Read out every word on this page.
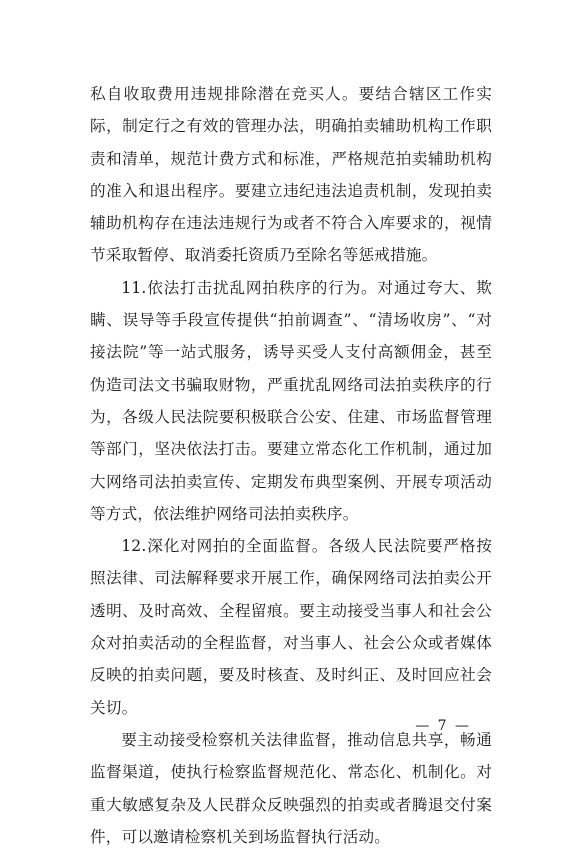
私自收取费用违规排除潜在竞买人。要结合辖区工作实际，制定行之有效的管理办法，明确拍卖辅助机构工作职责和清单，规范计费方式和标准，严格规范拍卖辅助机构的准入和退出程序。要建立违纪违法追责机制，发现拍卖辅助机构存在违法违规行为或者不符合入库要求的，视情节采取暂停、取消委托资质乃至除名等惩戒措施。

11.依法打击扰乱网拍秩序的行为。对通过夸大、欺瞒、误导等手段宣传提供“拍前调查”、“清场收房”、“对接法院”等一站式服务，诱导买受人支付高额佣金，甚至伪造司法文书骗取财物，严重扰乱网络司法拍卖秩序的行为，各级人民法院要积极联合公安、住建、市场监督管理等部门，坚决依法打击。要建立常态化工作机制，通过加大网络司法拍卖宣传、定期发布典型案例、开展专项活动等方式，依法维护网络司法拍卖秩序。

12.深化对网拍的全面监督。各级人民法院要严格按照法律、司法解释要求开展工作，确保网络司法拍卖公开透明、及时高效、全程留痕。要主动接受当事人和社会公众对拍卖活动的全程监督，对当事人、社会公众或者媒体反映的拍卖问题，要及时核查、及时纠正、及时回应社会关切。

要主动接受检察机关法律监督，推动信息共享，畅通监督渠道，使执行检察监督规范化、常态化、机制化。对重大敏感复杂及人民群众反映强烈的拍卖或者腾退交付案件，可以邀请检察机关到场监督执行活动。

— 7 —
